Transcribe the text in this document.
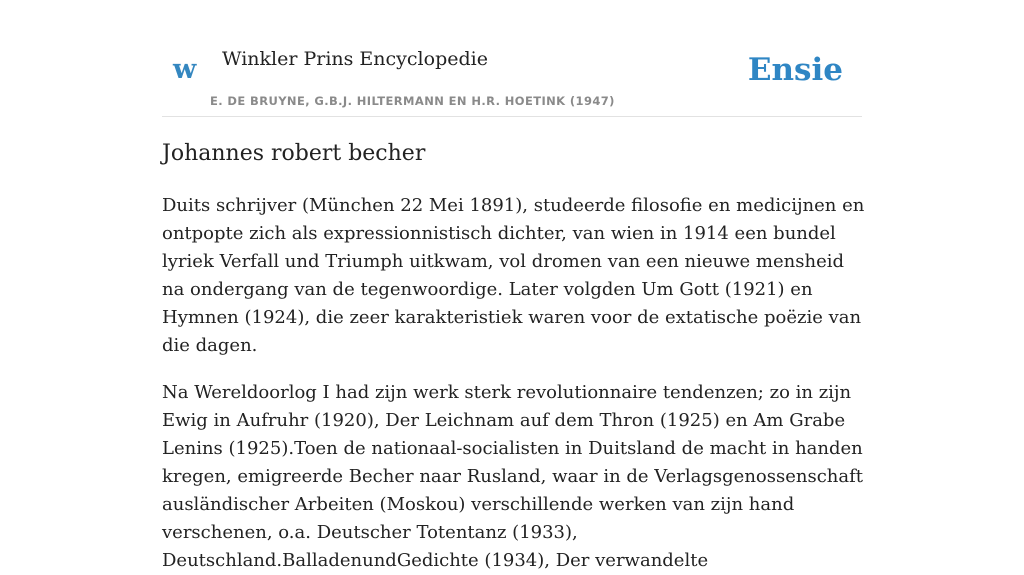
w Winkler Prins Encyclopedie
E. DE BRUYNE, G.B.J. HILTERMANN EN H.R. HOETINK (1947)
Ensie
Johannes robert becher

Duits schrijver (München 22 Mei 1891), studeerde filosofie en medicijnen en ontpopte zich als expressionnistisch dichter, van wien in 1914 een bundel lyriek Verfall und Triumph uitkwam, vol dromen van een nieuwe mensheid na ondergang van de tegenwoordige. Later volgden Um Gott (1921) en Hymnen (1924), die zeer karakteristiek waren voor de extatische poëzie van die dagen.

Na Wereldoorlog I had zijn werk sterk revolutionnaire tendenzen; zo in zijn Ewig in Aufruhr (1920), Der Leichnam auf dem Thron (1925) en Am Grabe Lenins (1925).Toen de nationaal-socialisten in Duitsland de macht in handen kregen, emigreerde Becher naar Rusland, waar in de Verlagsgenossenschaft ausländischer Arbeiten (Moskou) verschillende werken van zijn hand verschenen, o.a. Deutscher Totentanz (1933), Deutschland.BalladenundGedichte (1934), Der verwandelte
